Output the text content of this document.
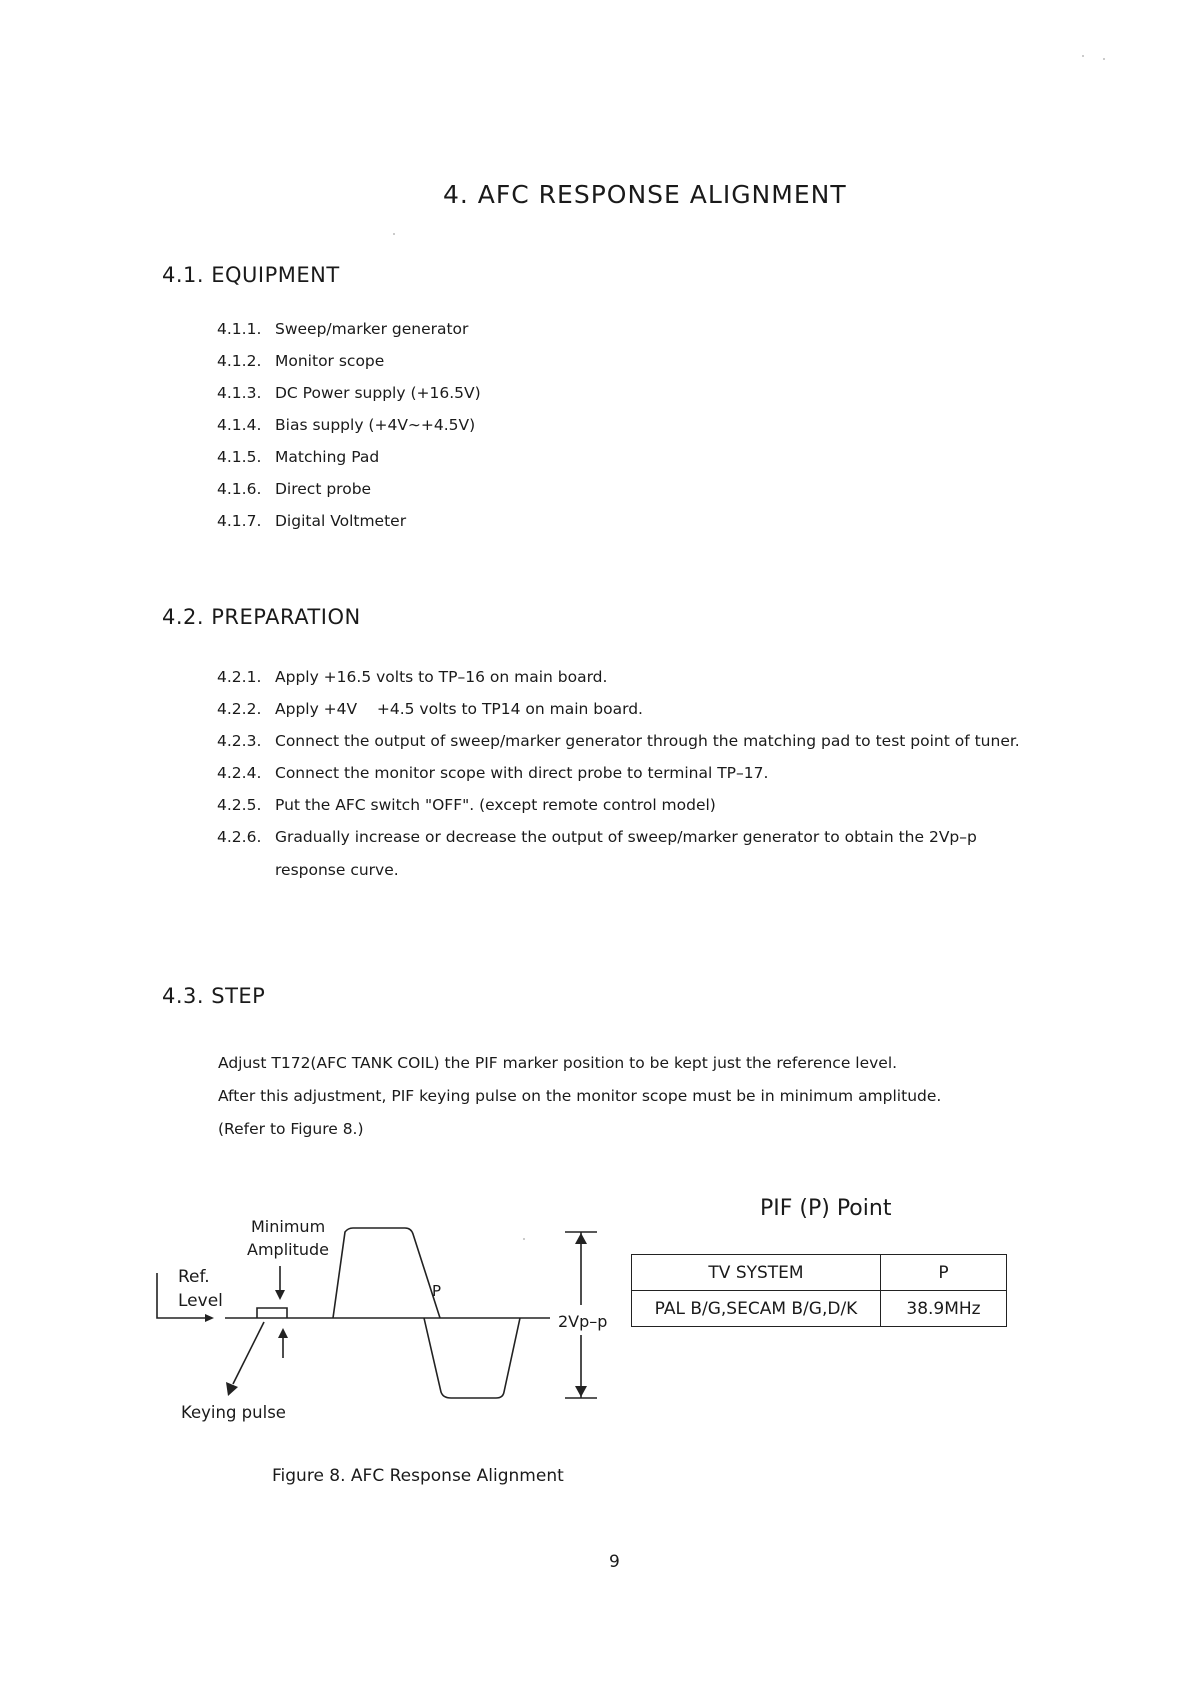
4. AFC RESPONSE ALIGNMENT
4.1. EQUIPMENT
4.1.1. Sweep/marker generator
4.1.2. Monitor scope
4.1.3. DC Power supply (+16.5V)
4.1.4. Bias supply (+4V∼+4.5V)
4.1.5. Matching Pad
4.1.6. Direct probe
4.1.7. Digital Voltmeter
4.2. PREPARATION
4.2.1. Apply +16.5 volts to TP–16 on main board.
4.2.2. Apply +4V    +4.5 volts to TP14 on main board.
4.2.3. Connect the output of sweep/marker generator through the matching pad to test point of tuner.
4.2.4. Connect the monitor scope with direct probe to terminal TP–17.
4.2.5. Put the AFC switch "OFF". (except remote control model)
4.2.6. Gradually increase or decrease the output of sweep/marker generator to obtain the 2Vp–p
response curve.
4.3. STEP
Adjust T172(AFC TANK COIL) the PIF marker position to be kept just the reference level.
After this adjustment, PIF keying pulse on the monitor scope must be in minimum amplitude.
(Refer to Figure 8.)
Minimum
Amplitude
Ref.
Level	P
2Vp–p
Keying pulse
Figure 8. AFC Response Alignment
PIF (P) Point
TV SYSTEM	P
PAL B/G,SECAM B/G,D/K	38.9MHz
9
